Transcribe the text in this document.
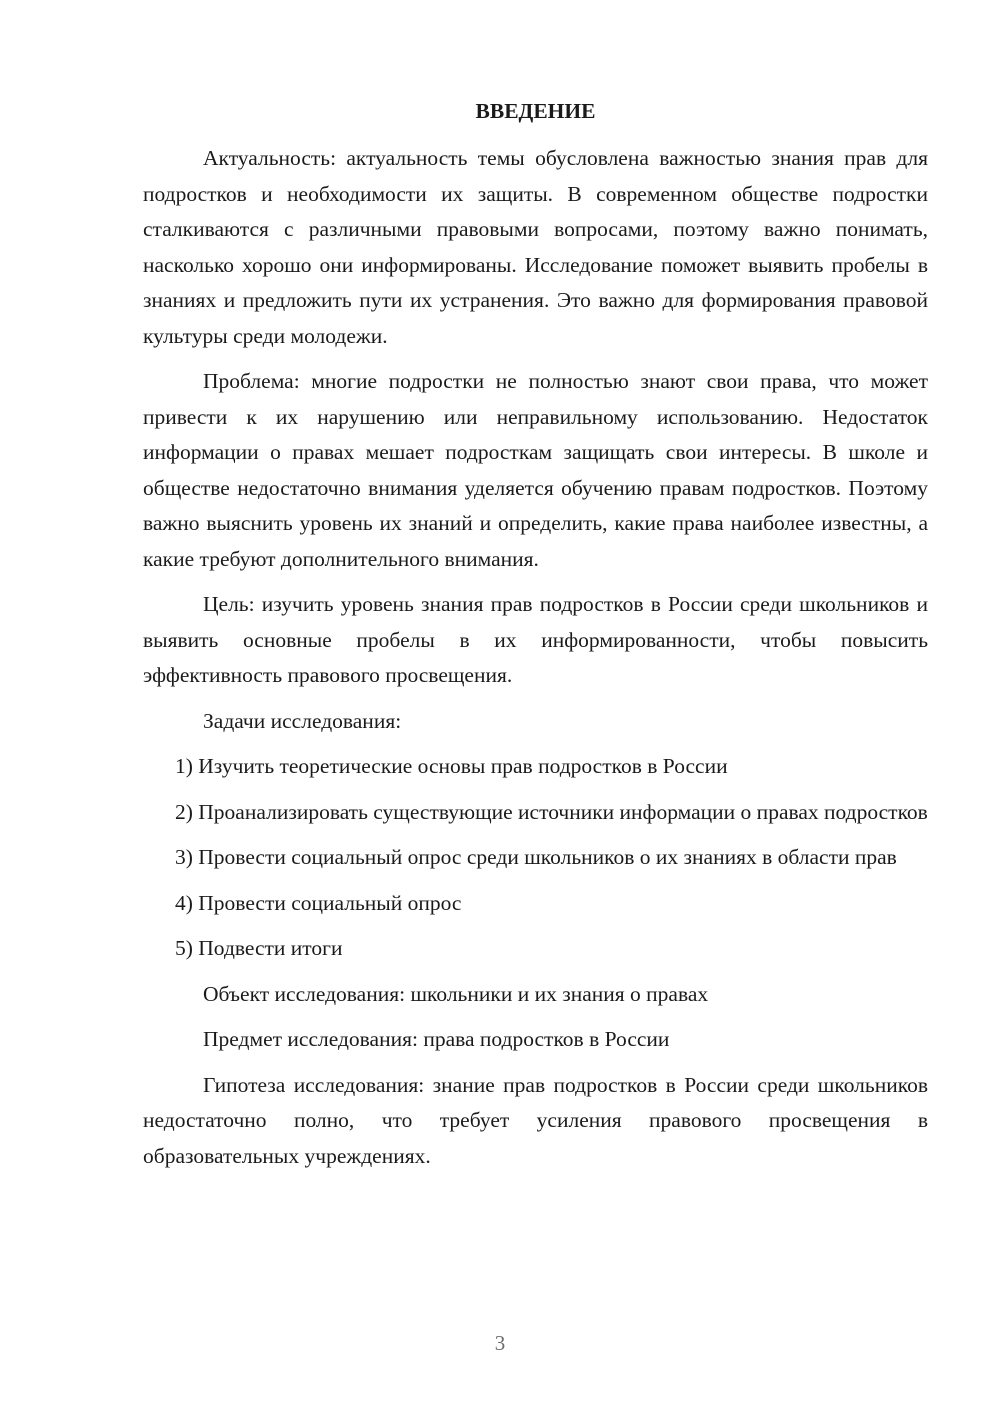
ВВЕДЕНИЕ

Актуальность: актуальность темы обусловлена важностью знания прав для подростков и необходимости их защиты. В современном обществе подростки сталкиваются с различными правовыми вопросами, поэтому важно понимать, насколько хорошо они информированы. Исследование поможет выявить пробелы в знаниях и предложить пути их устранения. Это важно для формирования правовой культуры среди молодежи.

Проблема: многие подростки не полностью знают свои права, что может привести к их нарушению или неправильному использованию. Недостаток информации о правах мешает подросткам защищать свои интересы. В школе и обществе недостаточно внимания уделяется обучению правам подростков. Поэтому важно выяснить уровень их знаний и определить, какие права наиболее известны, а какие требуют дополнительного внимания.

Цель: изучить уровень знания прав подростков в России среди школьников и выявить основные пробелы в их информированности, чтобы повысить эффективность правового просвещения.

Задачи исследования:

1) Изучить теоретические основы прав подростков в России

2) Проанализировать существующие источники информации о правах подростков

3) Провести социальный опрос среди школьников о их знаниях в области прав

4) Провести социальный опрос

5) Подвести итоги

Объект исследования: школьники и их знания о правах

Предмет исследования: права подростков в России

Гипотеза исследования: знание прав подростков в России среди школьников недостаточно полно, что требует усиления правового просвещения в образовательных учреждениях.

3
